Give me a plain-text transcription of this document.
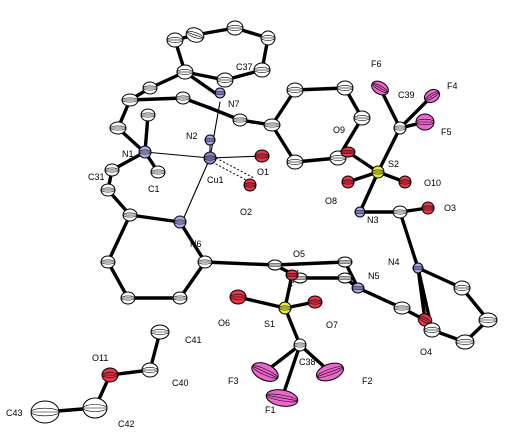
C37	F6
F4
F5
C39
N7
N2
O9
S2
N1
Cu1
O1
O10
C1
C31
O2
O8
N3
O3
N6
N4
O5
N5
O6	S1	O7
O4
C41
C38
O11
F3	F2
C40
F1
C43
C42
